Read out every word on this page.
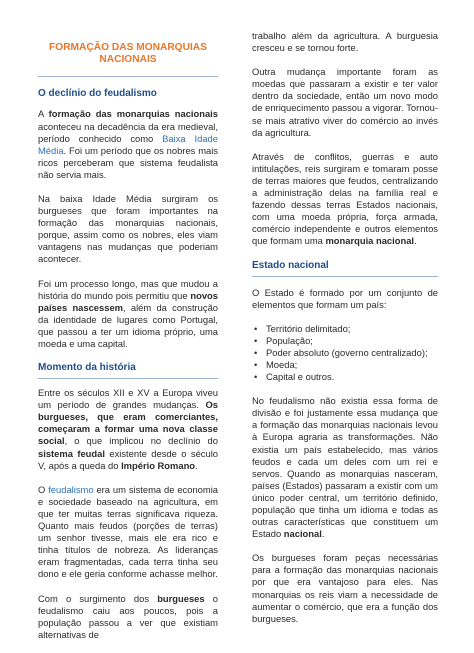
FORMAÇÃO DAS MONARQUIAS NACIONAIS
O declínio do feudalismo

A formação das monarquias nacionais aconteceu na decadência da era medieval, período conhecido como Baixa Idade Média. Foi um período que os nobres mais ricos perceberam que sistema feudalista não servia mais.

Na baixa Idade Média surgiram os burgueses que foram importantes na formação das monarquias nacionais, porque, assim como os nobres, eles viam vantagens nas mudanças que poderiam acontecer.

Foi um processo longo, mas que mudou a história do mundo pois permitiu que novos países nascessem, além da construção da identidade de lugares como Portugal, que passou a ter um idioma próprio, uma moeda e uma capital.

Momento da história

Entre os séculos XII e XV a Europa viveu um período de grandes mudanças. Os burgueses, que eram comerciantes, começaram a formar uma nova classe social, o que implicou no declínio do sistema feudal existente desde o século V, após a queda do Império Romano.

O feudalismo era um sistema de economia e sociedade baseado na agricultura, em que ter muitas terras significava riqueza. Quanto mais feudos (porções de terras) um senhor tivesse, mais ele era rico e tinha títulos de nobreza. As lideranças eram fragmentadas, cada terra tinha seu dono e ele geria conforme achasse melhor.

Com o surgimento dos burgueses o feudalismo caiu aos poucos, pois a população passou a ver que existiam alternativas de

trabalho além da agricultura. A burguesia cresceu e se tornou forte.

Outra mudança importante foram as moedas que passaram a existir e ter valor dentro da sociedade, então um novo modo de enriquecimento passou a vigorar. Tornou-se mais atrativo viver do comércio ao invés da agricultura.

Através de conflitos, guerras e auto intitulações, reis surgiram e tomaram posse de terras maiores que feudos, centralizando a administração delas na família real e fazendo dessas terras Estados nacionais, com uma moeda própria, força armada, comércio independente e outros elementos que formam uma monarquia nacional.

Estado nacional

O Estado é formado por um conjunto de elementos que formam um país:

• Território delimitado;
• População;
• Poder absoluto (governo centralizado);
• Moeda;
• Capital e outros.

No feudalismo não existia essa forma de divisão e foi justamente essa mudança que a formação das monarquias nacionais levou à Europa agraria as transformações. Não existia um país estabelecido, mas vários feudos e cada um deles com um rei e servos. Quando as monarquias nasceram, países (Estados) passaram a existir com um único poder central, um território definido, população que tinha um idioma e todas as outras características que constituem um Estado nacional.

Os burgueses foram peças necessárias para a formação das monarquias nacionais por que era vantajoso para eles. Nas monarquias os reis viam a necessidade de aumentar o comércio, que era a função dos burgueses.
